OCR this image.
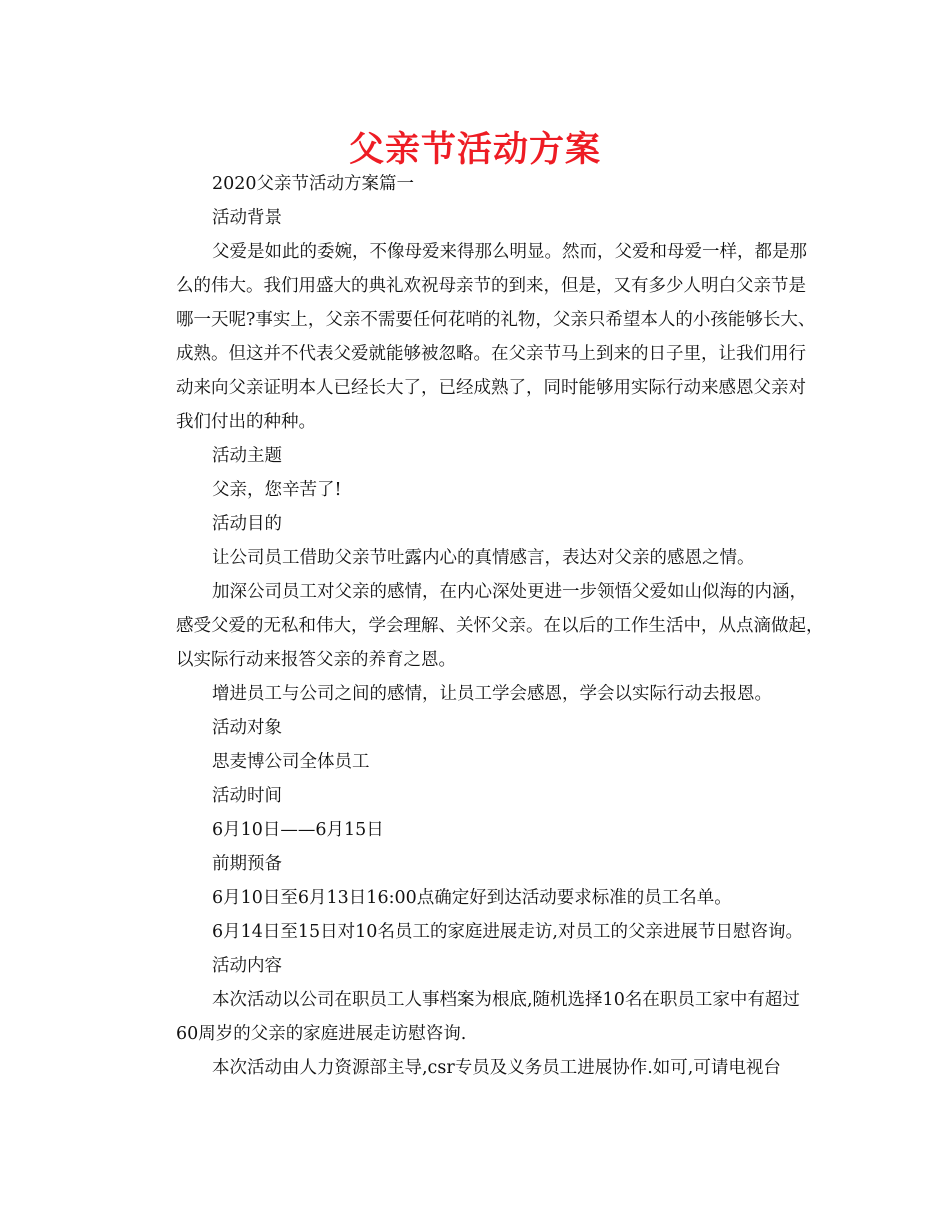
父亲节活动方案
2020父亲节活动方案篇一
活动背景
父爱是如此的委婉，不像母爱来得那么明显。然而，父爱和母爱一样，都是那
么的伟大。我们用盛大的典礼欢祝母亲节的到来，但是，又有多少人明白父亲节是
哪一天呢?事实上，父亲不需要任何花哨的礼物，父亲只希望本人的小孩能够长大、
成熟。但这并不代表父爱就能够被忽略。在父亲节马上到来的日子里，让我们用行
动来向父亲证明本人已经长大了，已经成熟了，同时能够用实际行动来感恩父亲对
我们付出的种种。
活动主题
父亲，您辛苦了!
活动目的
让公司员工借助父亲节吐露内心的真情感言，表达对父亲的感恩之情。
加深公司员工对父亲的感情，在内心深处更进一步领悟父爱如山似海的内涵，
感受父爱的无私和伟大，学会理解、关怀父亲。在以后的工作生活中，从点滴做起，
以实际行动来报答父亲的养育之恩。
增进员工与公司之间的感情，让员工学会感恩，学会以实际行动去报恩。
活动对象
思麦博公司全体员工
活动时间
6月10日——6月15日
前期预备
6月10日至6月13日16:00点确定好到达活动要求标准的员工名单。
6月14日至15日对10名员工的家庭进展走访,对员工的父亲进展节日慰咨询。
活动内容
本次活动以公司在职员工人事档案为根底,随机选择10名在职员工家中有超过
60周岁的父亲的家庭进展走访慰咨询.
本次活动由人力资源部主导,csr专员及义务员工进展协作.如可,可请电视台
